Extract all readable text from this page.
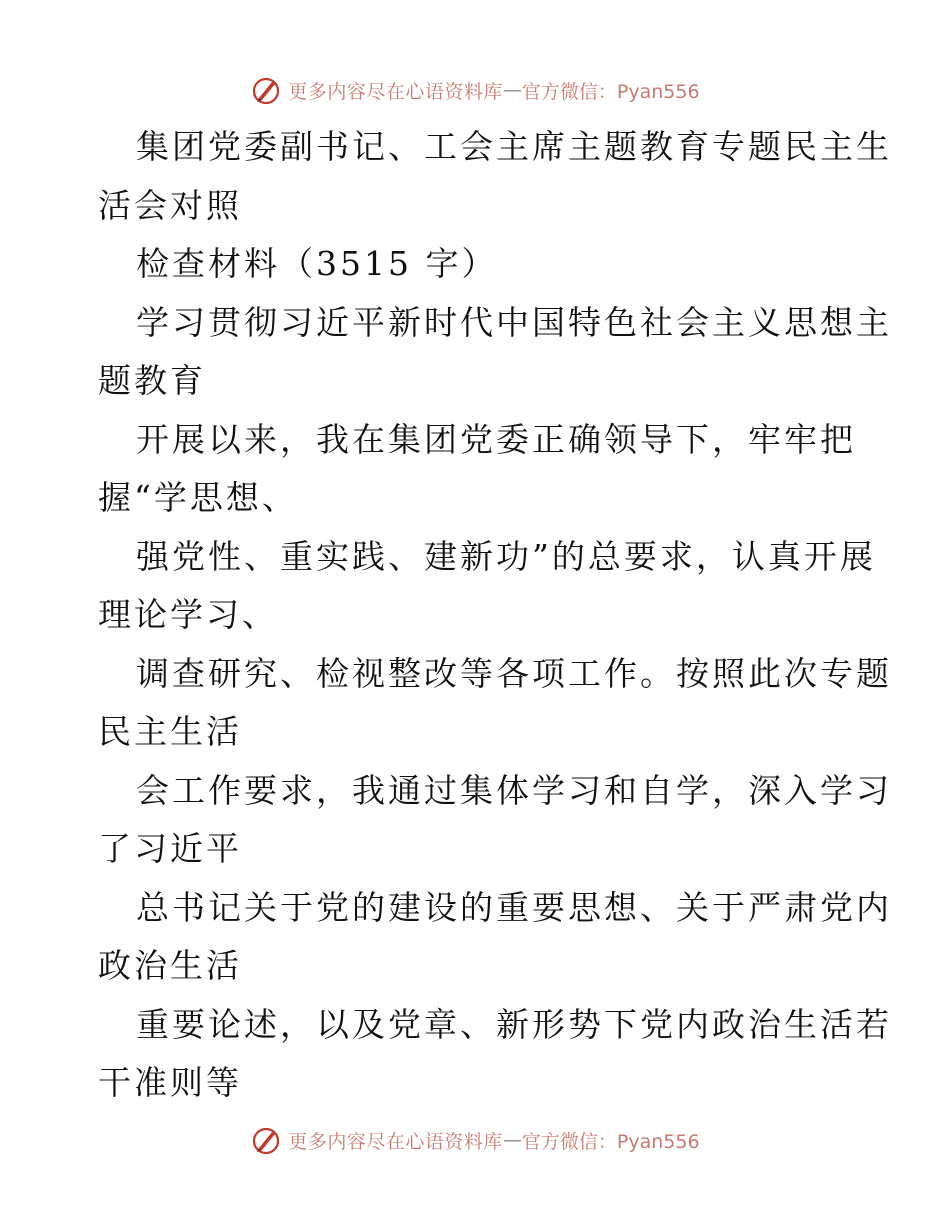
更多内容尽在心语资料库 — 官方微信：Pyan556
集团党委副书记、工会主席主题教育专题民主生
活会对照
检查材料（3515 字）
学习贯彻习近平新时代中国特色社会主义思想主
题教育
开展以来，我在集团党委正确领导下，牢牢把
握“学思想、
强党性、重实践、建新功”的总要求，认真开展
理论学习、
调查研究、检视整改等各项工作。按照此次专题
民主生活
会工作要求，我通过集体学习和自学，深入学习
了习近平
总书记关于党的建设的重要思想、关于严肃党内
政治生活
重要论述，以及党章、新形势下党内政治生活若
干准则等
更多内容尽在心语资料库 — 官方微信：Pyan556
